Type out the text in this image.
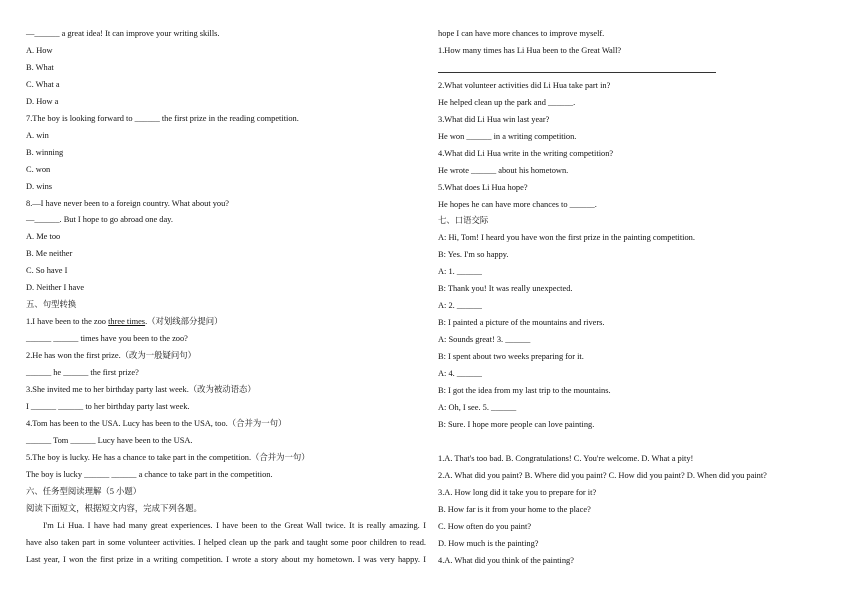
—______ a great idea! It can improve your writing skills.
A. How
B. What
C. What a
D. How a
7.The boy is looking forward to ______ the first prize in the reading competition.
A. win
B. winning
C. won
D. wins
8.—I have never been to a foreign country. What about you?
—______. But I hope to go abroad one day.
A. Me too
B. Me neither
C. So have I
D. Neither I have
五、句型转换
1.I have been to the zoo three times.（对划线部分提问）
______ ______ times have you been to the zoo?
2.He has won the first prize.（改为一般疑问句）
______ he ______ the first prize?
3.She invited me to her birthday party last week.（改为被动语态）
I ______ ______ to her birthday party last week.
4.Tom has been to the USA. Lucy has been to the USA, too.（合并为一句）
______ Tom ______ Lucy have been to the USA.
5.The boy is lucky. He has a chance to take part in the competition.（合并为一句）
The boy is lucky ______ ______ a chance to take part in the competition.
六、任务型阅读理解（5 小题）
阅读下面短文，根据短文内容，完成下列各题。
I'm Li Hua. I have had many great experiences. I have been to the Great Wall twice. It is really amazing. I
have also taken part in some volunteer activities. I helped clean up the park and taught some poor children to read.
Last year, I won the first prize in a writing competition. I wrote a story about my hometown. I was very happy. I
hope I can have more chances to improve myself.
1.How many times has Li Hua been to the Great Wall?
2.What volunteer activities did Li Hua take part in?
He helped clean up the park and ______.
3.What did Li Hua win last year?
He won ______ in a writing competition.
4.What did Li Hua write in the writing competition?
He wrote ______ about his hometown.
5.What does Li Hua hope?
He hopes he can have more chances to ______.
七、口语交际
A: Hi, Tom! I heard you have won the first prize in the painting competition.
B: Yes. I'm so happy.
A: 1. ______
B: Thank you! It was really unexpected.
A: 2. ______
B: I painted a picture of the mountains and rivers.
A: Sounds great! 3. ______
B: I spent about two weeks preparing for it.
A: 4. ______
B: I got the idea from my last trip to the mountains.
A: Oh, I see. 5. ______
B: Sure. I hope more people can love painting.

1.A. That's too bad. B. Congratulations! C. You're welcome. D. What a pity!
2.A. What did you paint? B. Where did you paint? C. How did you paint? D. When did you paint?
3.A. How long did it take you to prepare for it?
B. How far is it from your home to the place?
C. How often do you paint?
D. How much is the painting?
4.A. What did you think of the painting?
